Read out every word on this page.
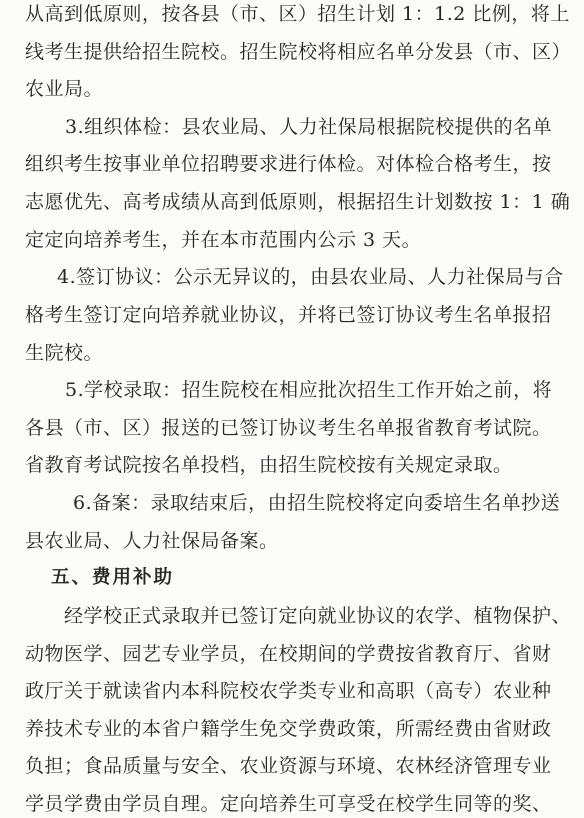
从高到低原则，按各县（市、区）招生计划 1：1.2 比例，将上
线考生提供给招生院校。招生院校将相应名单分发县（市、区）
农业局。
3.组织体检：县农业局、人力社保局根据院校提供的名单
组织考生按事业单位招聘要求进行体检。对体检合格考生，按
志愿优先、高考成绩从高到低原则，根据招生计划数按 1：1 确
定定向培养考生，并在本市范围内公示 3 天。
4.签订协议：公示无异议的，由县农业局、人力社保局与合
格考生签订定向培养就业协议，并将已签订协议考生名单报招
生院校。
5.学校录取：招生院校在相应批次招生工作开始之前，将
各县（市、区）报送的已签订协议考生名单报省教育考试院。
省教育考试院按名单投档，由招生院校按有关规定录取。
6.备案：录取结束后，由招生院校将定向委培生名单抄送
县农业局、人力社保局备案。
五、费用补助
经学校正式录取并已签订定向就业协议的农学、植物保护、
动物医学、园艺专业学员，在校期间的学费按省教育厅、省财
政厅关于就读省内本科院校农学类专业和高职（高专）农业种
养技术专业的本省户籍学生免交学费政策，所需经费由省财政
负担；食品质量与安全、农业资源与环境、农林经济管理专业
学员学费由学员自理。定向培养生可享受在校学生同等的奖、
